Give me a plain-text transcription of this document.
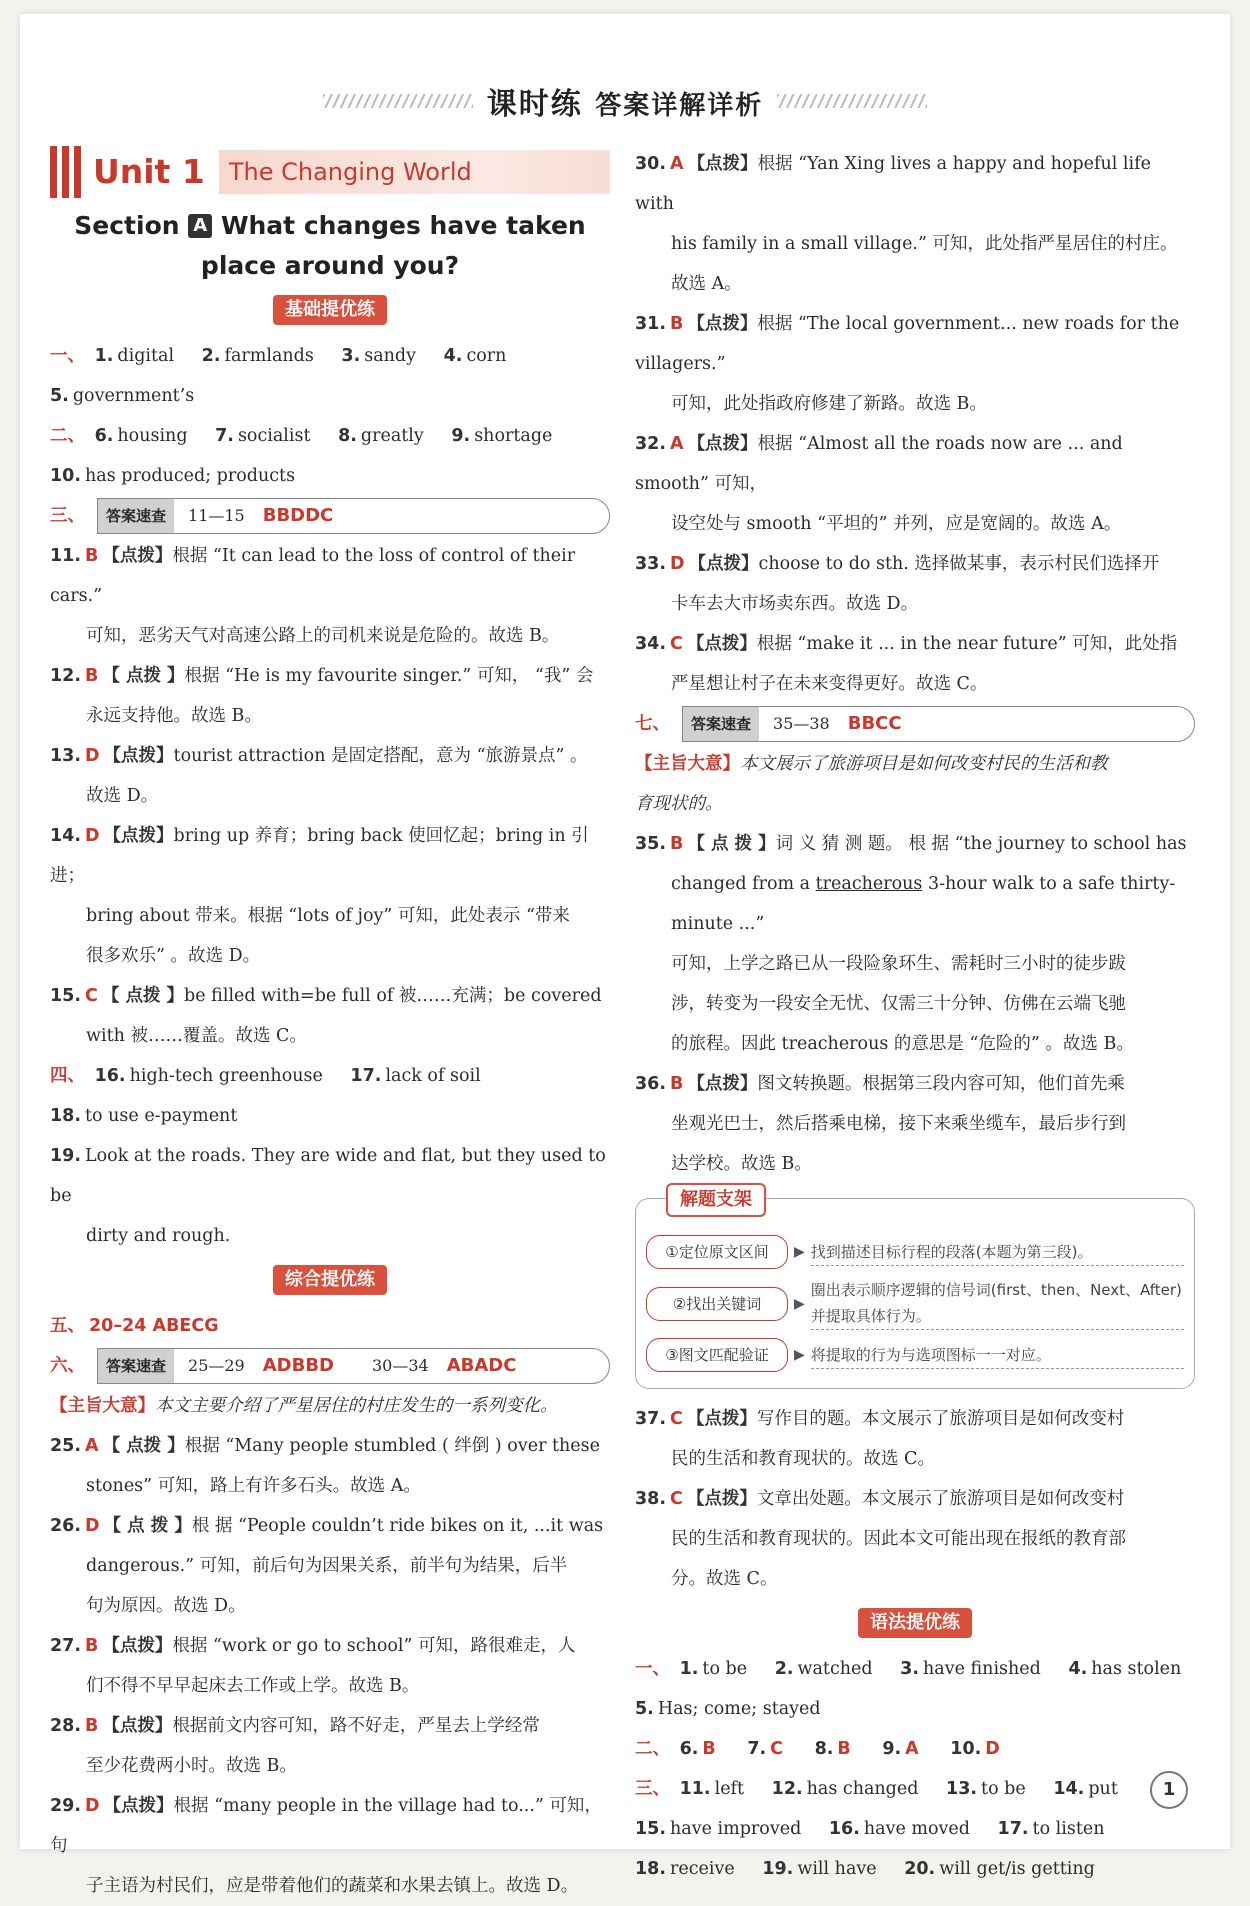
课时练 答案详解详析
Unit 1	The Changing World
Section A What changes have taken place around you?
基础提优练
一、 1. digital 2. farmlands 3. sandy 4. corn 5. government’s
二、 6. housing 7. socialist 8. greatly 9. shortage
10. has produced; products
三、	答案速查	11—15 BBDDC
11. B 【点拨】根据 “It can lead to the loss of control of their cars.”
可知，恶劣天气对高速公路上的司机来说是危险的。故选 B。
12. B 【 点拨 】根据 “He is my favourite singer.” 可知， “我” 会
永远支持他。故选 B。
13. D 【点拨】tourist attraction 是固定搭配，意为 “旅游景点” 。
故选 D。
14. D 【点拨】bring up 养育；bring back 使回忆起；bring in 引进；
bring about 带来。根据 “lots of joy” 可知，此处表示 “带来
很多欢乐” 。故选 D。
15. C 【 点拨 】be filled with=be full of 被……充满；be covered
with 被……覆盖。故选 C。
四、 16. high-tech greenhouse 17. lack of soil
18. to use e-payment
19. Look at the roads. They are wide and flat, but they used to be
dirty and rough.
综合提优练
五、 20–24 ABECG
六、	答案速查	25—29 ADBBD 30—34 ABADC
【主旨大意】本文主要介绍了严星居住的村庄发生的一系列变化。
25. A 【 点拨 】根据 “Many people stumbled ( 绊倒 ) over these
stones” 可知，路上有许多石头。故选 A。
26. D 【 点 拨 】根 据 “People couldn’t ride bikes on it, ...it was
dangerous.” 可知，前后句为因果关系，前半句为结果，后半
句为原因。故选 D。
27. B 【点拨】根据 “work or go to school” 可知，路很难走，人
们不得不早早起床去工作或上学。故选 B。
28. B 【点拨】根据前文内容可知，路不好走，严星去上学经常
至少花费两小时。故选 B。
29. D 【点拨】根据 “many people in the village had to...” 可知，句
子主语为村民们，应是带着他们的蔬菜和水果去镇上。故选 D。
30. A 【点拨】根据 “Yan Xing lives a happy and hopeful life with
his family in a small village.” 可知，此处指严星居住的村庄。
故选 A。
31. B 【点拨】根据 “The local government... new roads for the villagers.”
可知，此处指政府修建了新路。故选 B。
32. A 【点拨】根据 “Almost all the roads now are ... and smooth” 可知，
设空处与 smooth “平坦的” 并列，应是宽阔的。故选 A。
33. D 【点拨】choose to do sth. 选择做某事，表示村民们选择开
卡车去大市场卖东西。故选 D。
34. C 【点拨】根据 “make it ... in the near future” 可知，此处指
严星想让村子在未来变得更好。故选 C。
七、	答案速查	35—38 BBCC
【主旨大意】本文展示了旅游项目是如何改变村民的生活和教
育现状的。
35. B 【 点 拨 】词 义 猜 测 题。 根 据 “the journey to school has
changed from a treacherous 3-hour walk to a safe thirty-minute ...”
可知，上学之路已从一段险象环生、需耗时三小时的徒步跋
涉，转变为一段安全无忧、仅需三十分钟、仿佛在云端飞驰
的旅程。因此 treacherous 的意思是 “危险的” 。故选 B。
36. B 【点拨】图文转换题。根据第三段内容可知，他们首先乘
坐观光巴士，然后搭乘电梯，接下来乘坐缆车，最后步行到
达学校。故选 B。
解题支架
①定位原文区间	▶ 找到描述目标行程的段落(本题为第三段)。
②找出关键词	▶
圈出表示顺序逻辑的信号词(first、then、Next、After)并提取具体行为。
③图文匹配验证	▶ 将提取的行为与选项图标一一对应。
37. C 【点拨】写作目的题。本文展示了旅游项目是如何改变村
民的生活和教育现状的。故选 C。
38. C 【点拨】文章出处题。本文展示了旅游项目是如何改变村
民的生活和教育现状的。因此本文可能出现在报纸的教育部
分。故选 C。
语法提优练
一、 1. to be 2. watched 3. have finished 4. has stolen
5. Has; come; stayed
二、 6. B 7. C 8. B 9. A 10. D
三、 11. left 12. has changed 13. to be 14. put
15. have improved 16. have moved 17. to listen
18. receive 19. will have 20. will get/is getting
1
